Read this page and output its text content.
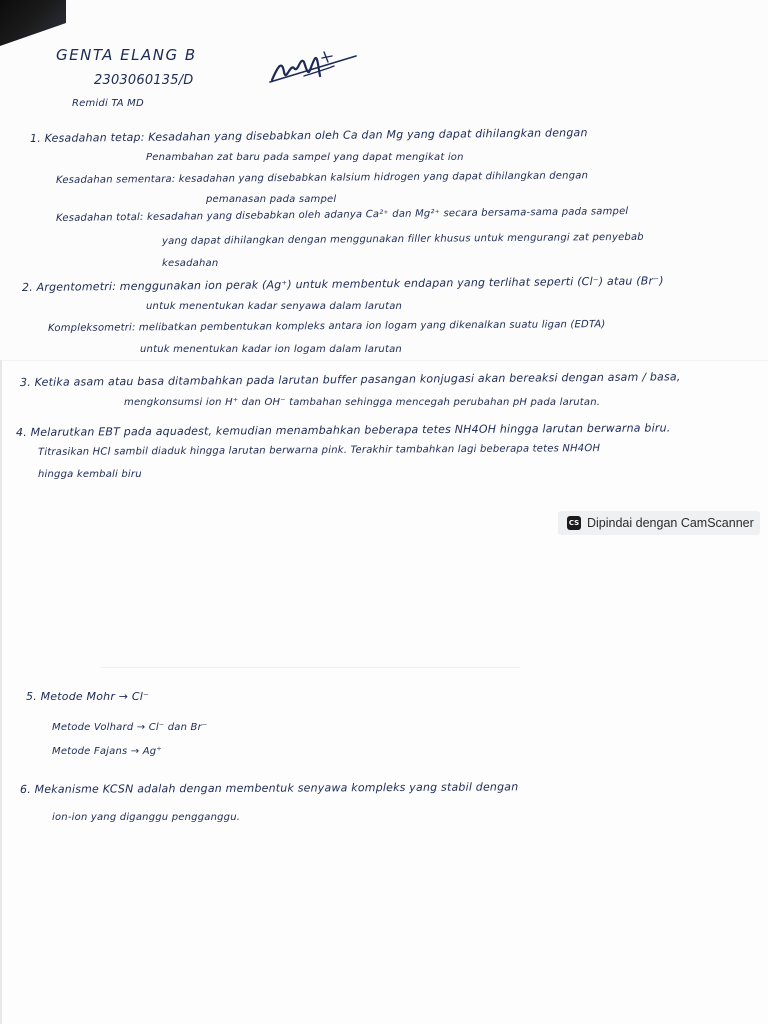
GENTA ELANG B

2303060135/D

Remidi TA MD

1. Kesadahan tetap: Kesadahan yang disebabkan oleh Ca dan Mg yang dapat dihilangkan dengan

Penambahan zat baru pada sampel yang dapat mengikat ion

Kesadahan sementara: kesadahan yang disebabkan kalsium hidrogen yang dapat dihilangkan dengan

pemanasan pada sampel

Kesadahan total: kesadahan yang disebabkan oleh adanya Ca²⁺ dan Mg²⁺ secara bersama-sama pada sampel

yang dapat dihilangkan dengan menggunakan filler khusus untuk mengurangi zat penyebab

kesadahan

2. Argentometri: menggunakan ion perak (Ag⁺) untuk membentuk endapan yang terlihat seperti (Cl⁻) atau (Br⁻)

untuk menentukan kadar senyawa dalam larutan

Kompleksometri: melibatkan pembentukan kompleks antara ion logam yang dikenalkan suatu ligan (EDTA)

untuk menentukan kadar ion logam dalam larutan

3. Ketika asam atau basa ditambahkan pada larutan buffer pasangan konjugasi akan bereaksi dengan asam / basa,

mengkonsumsi ion H⁺ dan OH⁻ tambahan sehingga mencegah perubahan pH pada larutan.

4. Melarutkan EBT pada aquadest, kemudian menambahkan beberapa tetes NH4OH hingga larutan berwarna biru.

Titrasikan HCl sambil diaduk hingga larutan berwarna pink. Terakhir tambahkan lagi beberapa tetes NH4OH

hingga kembali biru

CS Dipindai dengan CamScanner

5. Metode Mohr → Cl⁻

Metode Volhard → Cl⁻ dan Br⁻

Metode Fajans → Ag⁺

6. Mekanisme KCSN adalah dengan membentuk senyawa kompleks yang stabil dengan

ion-ion yang diganggu pengganggu.
